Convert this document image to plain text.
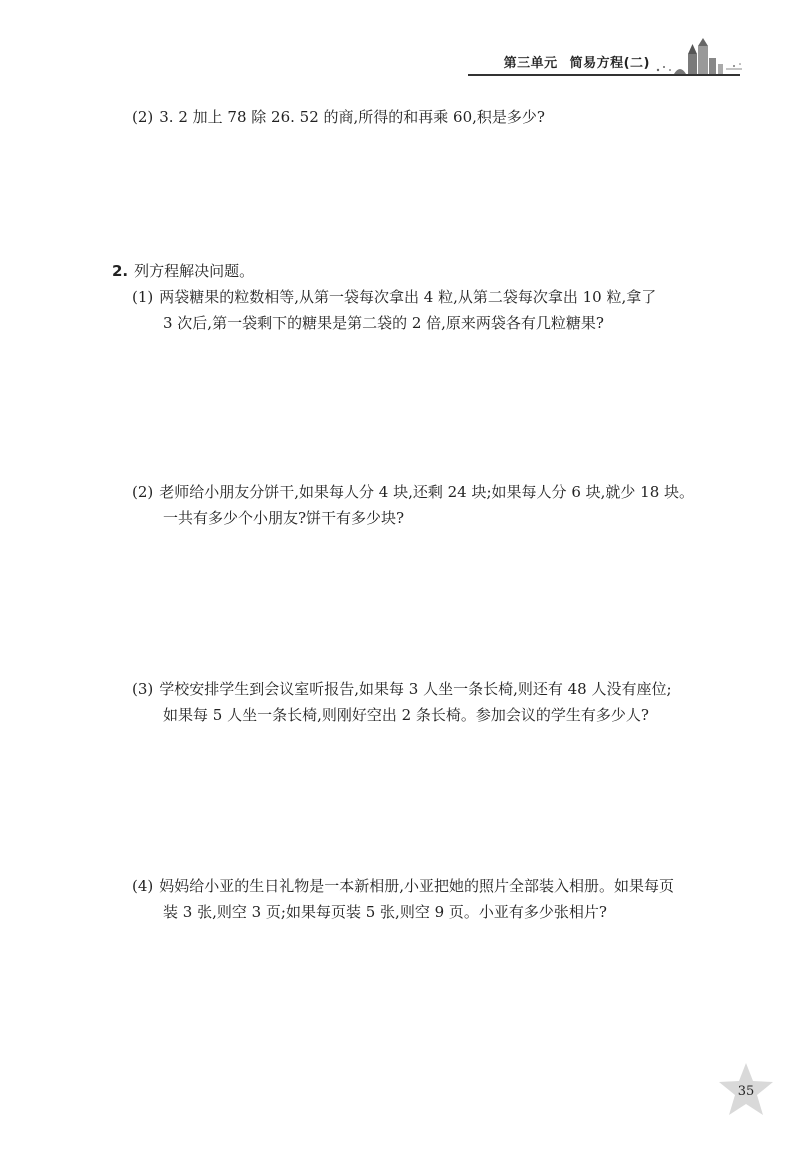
第三单元 简易方程(二)
(2) 3. 2 加上 78 除 26. 52 的商,所得的和再乘 60,积是多少?
2. 列方程解决问题。
(1) 两袋糖果的粒数相等,从第一袋每次拿出 4 粒,从第二袋每次拿出 10 粒,拿了
3 次后,第一袋剩下的糖果是第二袋的 2 倍,原来两袋各有几粒糖果?
(2) 老师给小朋友分饼干,如果每人分 4 块,还剩 24 块;如果每人分 6 块,就少 18 块。
一共有多少个小朋友?饼干有多少块?
(3) 学校安排学生到会议室听报告,如果每 3 人坐一条长椅,则还有 48 人没有座位;
如果每 5 人坐一条长椅,则刚好空出 2 条长椅。参加会议的学生有多少人?
(4) 妈妈给小亚的生日礼物是一本新相册,小亚把她的照片全部装入相册。如果每页
装 3 张,则空 3 页;如果每页装 5 张,则空 9 页。小亚有多少张相片?
35
